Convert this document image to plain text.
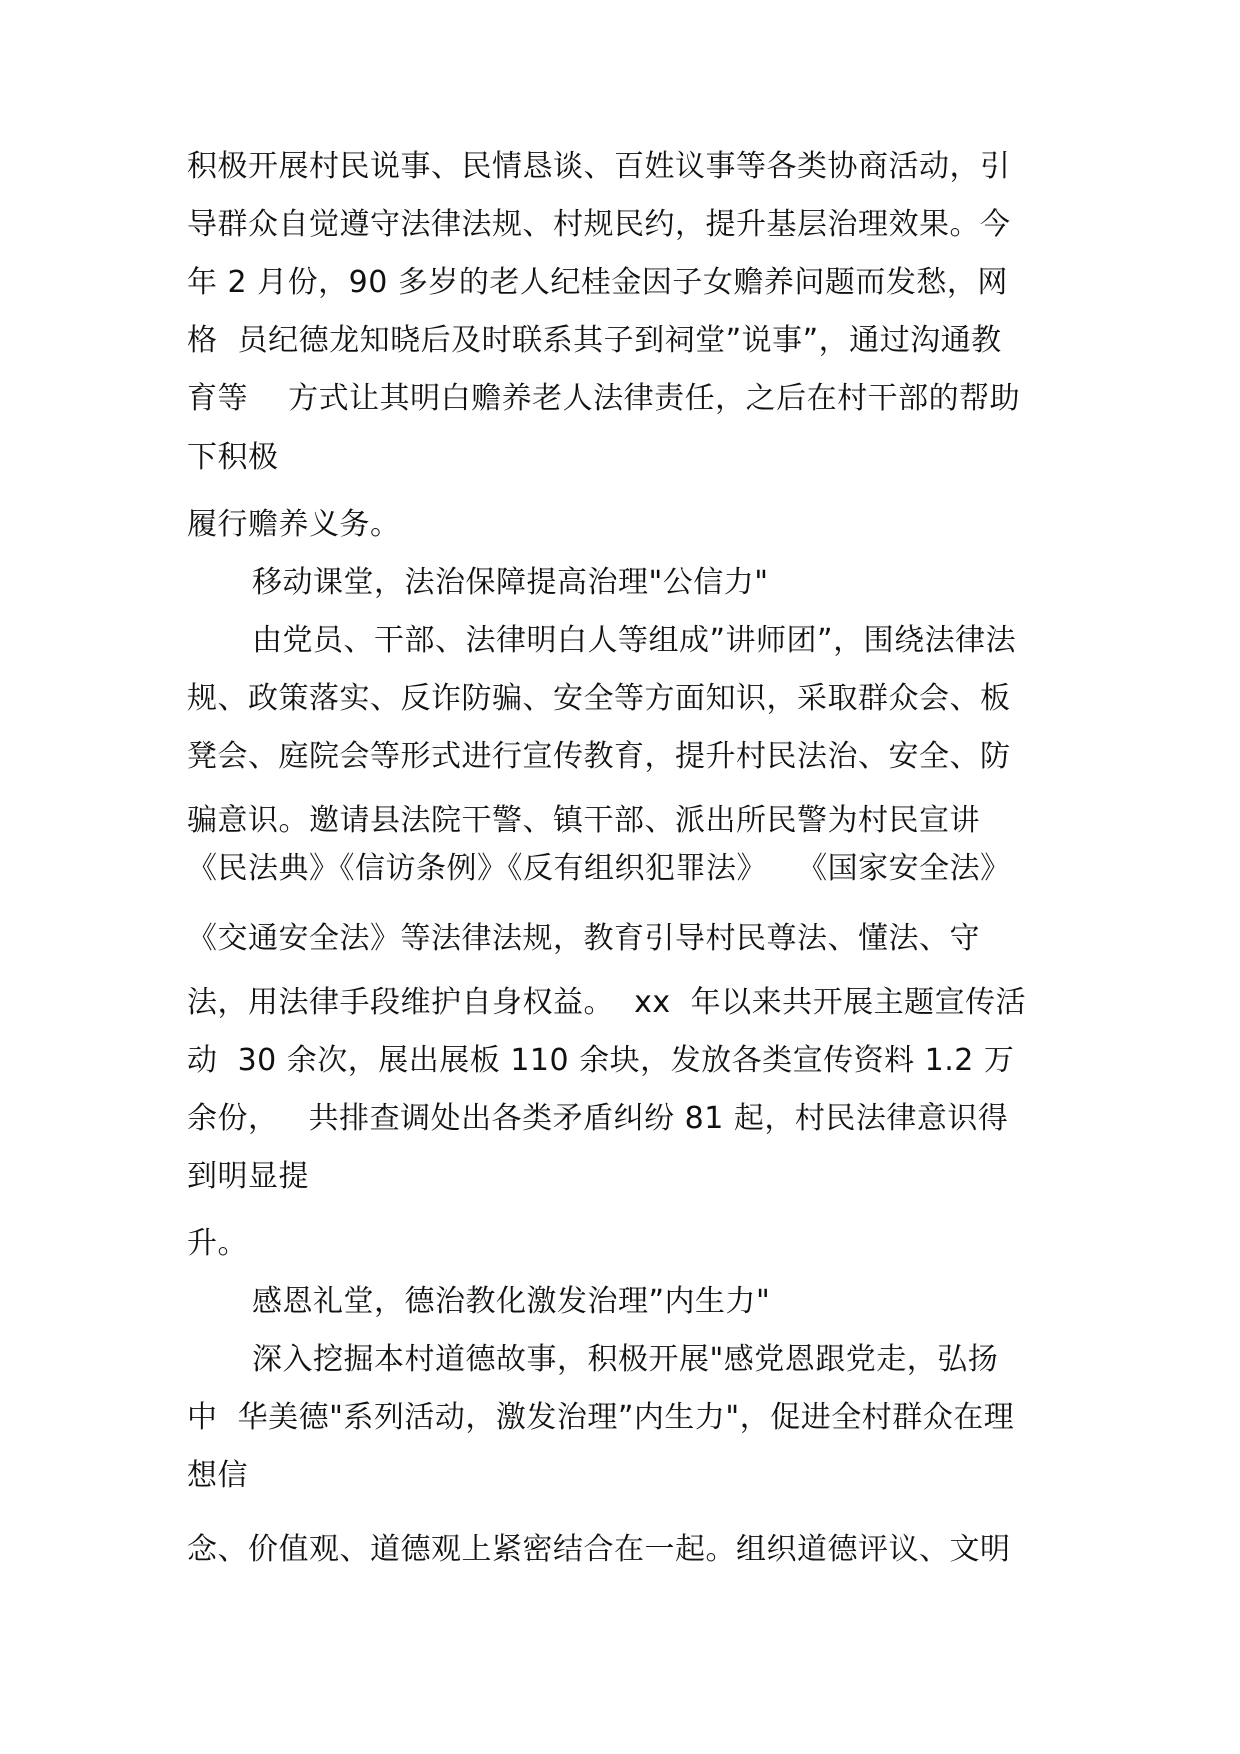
积极开展村民说事、民情恳谈、百姓议事等各类协商活动，引
导群众自觉遵守法律法规、村规民约，提升基层治理效果。今
年 2 月份，90 多岁的老人纪桂金因子女赡养问题而发愁，网
格  员纪德龙知晓后及时联系其子到祠堂”说事”，通过沟通教
育等    方式让其明白赡养老人法律责任，之后在村干部的帮助
下积极
履行赡养义务。
移动课堂，法治保障提高治理"公信力"
由党员、干部、法律明白人等组成”讲师团”，围绕法律法
规、政策落实、反诈防骗、安全等方面知识，采取群众会、板
凳会、庭院会等形式进行宣传教育，提升村民法治、安全、防
骗意识。邀请县法院干警、镇干部、派出所民警为村民宣讲
《民法典》《信访条例》《反有组织犯罪法》   《国家安全法》
《交通安全法》等法律法规，教育引导村民尊法、懂法、守
法，用法律手段维护自身权益。  xx  年以来共开展主题宣传活
动  30 余次，展出展板 110 余块，发放各类宣传资料 1.2 万
余份，   共排查调处出各类矛盾纠纷 81 起，村民法律意识得
到明显提
升。
感恩礼堂，德治教化激发治理”内生力"
深入挖掘本村道德故事，积极开展"感党恩跟党走，弘扬
中  华美德"系列活动，激发治理”内生力"，促进全村群众在理
想信
念、价值观、道德观上紧密结合在一起。组织道德评议、文明
